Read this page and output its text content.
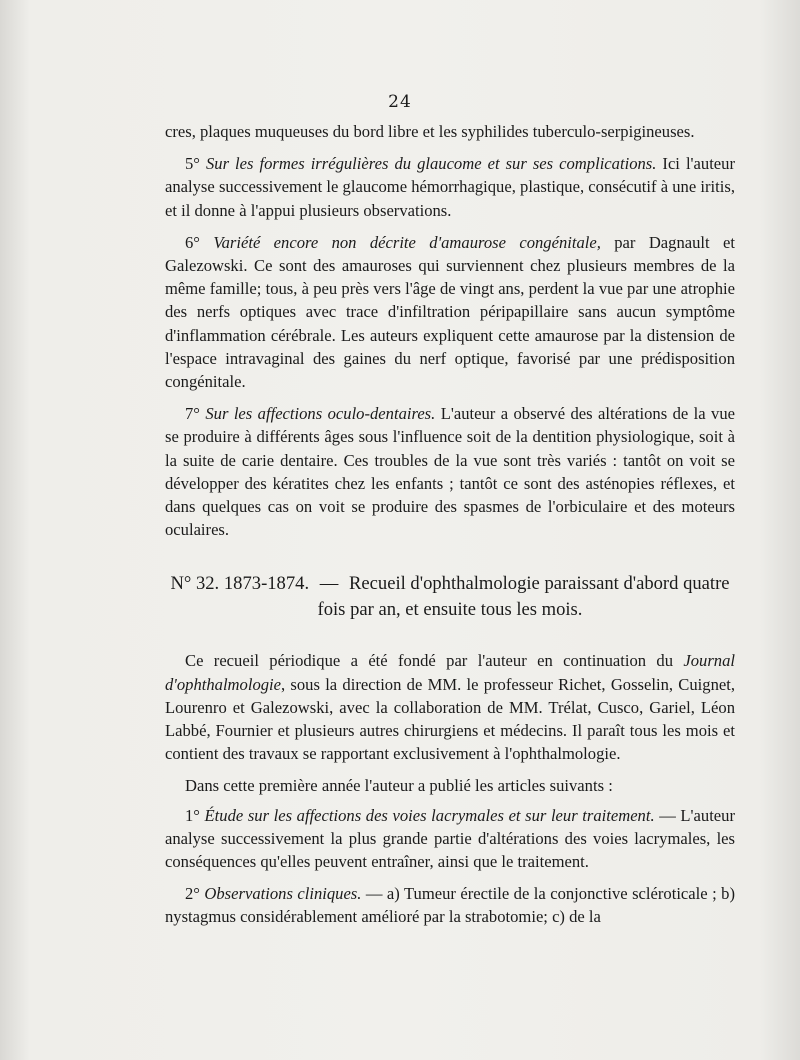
24

cres, plaques muqueuses du bord libre et les syphilides tuberculo-serpigineuses.

5° Sur les formes irrégulières du glaucome et sur ses complications. Ici l'auteur analyse successivement le glaucome hémorrhagique, plastique, consécutif à une iritis, et il donne à l'appui plusieurs observations.

6° Variété encore non décrite d'amaurose congénitale, par Dagnault et Galezowski. Ce sont des amauroses qui surviennent chez plusieurs membres de la même famille; tous, à peu près vers l'âge de vingt ans, perdent la vue par une atrophie des nerfs optiques avec trace d'infiltration péripapillaire sans aucun symptôme d'inflammation cérébrale. Les auteurs expliquent cette amaurose par la distension de l'espace intravaginal des gaines du nerf optique, favorisé par une prédisposition congénitale.

7° Sur les affections oculo-dentaires. L'auteur a observé des altérations de la vue se produire à différents âges sous l'influence soit de la dentition physiologique, soit à la suite de carie dentaire. Ces troubles de la vue sont très variés : tantôt on voit se développer des kératites chez les enfants ; tantôt ce sont des asténopies réflexes, et dans quelques cas on voit se produire des spasmes de l'orbiculaire et des moteurs oculaires.

N° 32. 1873-1874. — Recueil d'ophthalmologie paraissant d'abord quatre fois par an, et ensuite tous les mois.

Ce recueil périodique a été fondé par l'auteur en continuation du Journal d'ophthalmologie, sous la direction de MM. le professeur Richet, Gosselin, Cuignet, Lourenro et Galezowski, avec la collaboration de MM. Trélat, Cusco, Gariel, Léon Labbé, Fournier et plusieurs autres chirurgiens et médecins. Il paraît tous les mois et contient des travaux se rapportant exclusivement à l'ophthalmologie.

Dans cette première année l'auteur a publié les articles suivants :

1° Étude sur les affections des voies lacrymales et sur leur traitement. — L'auteur analyse successivement la plus grande partie d'altérations des voies lacrymales, les conséquences qu'elles peuvent entraîner, ainsi que le traitement.

2° Observations cliniques. — a) Tumeur érectile de la conjonctive scléroticale ; b) nystagmus considérablement amélioré par la strabotomie; c) de la
